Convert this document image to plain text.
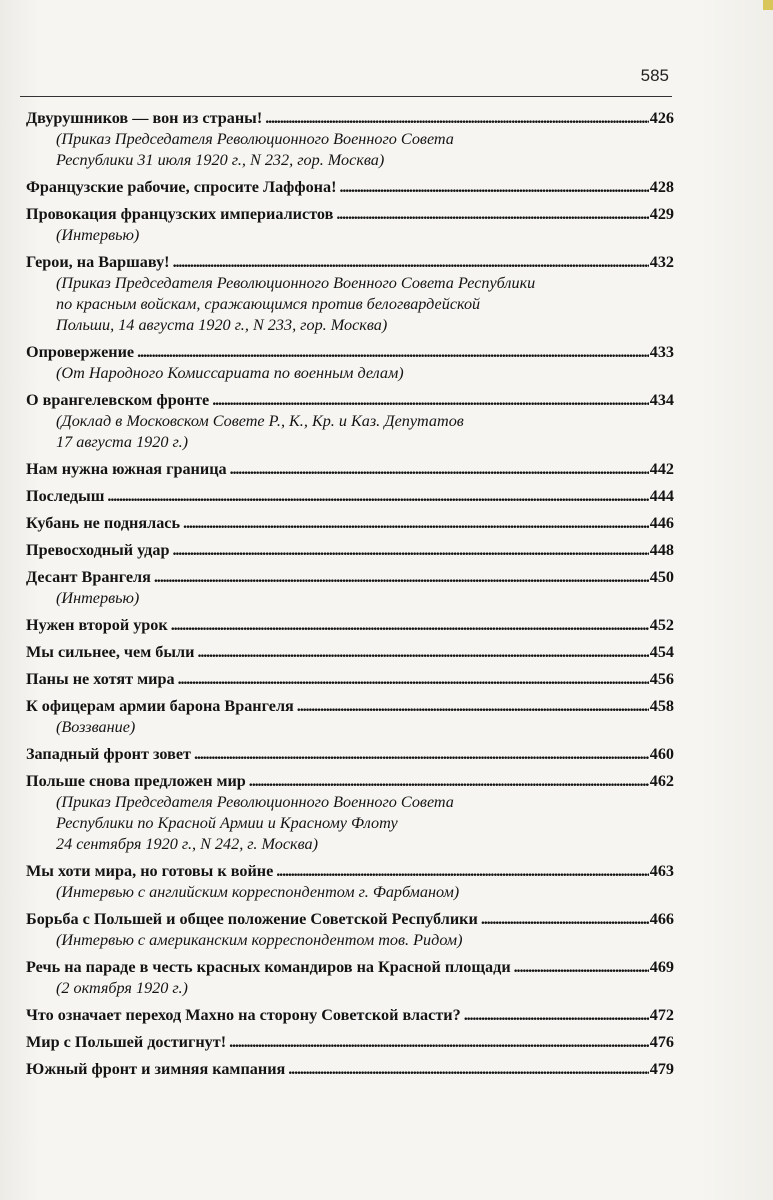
585
Двурушников — вон из страны! . . .	426
(Приказ Председателя Революционного Военного Совета
Республики 31 июля 1920 г., N 232, гор. Москва)
Французские рабочие, спросите Лаффона! . . .	428
Провокация французских империалистов . . .	429
(Интервью)
Герои, на Варшаву! . . .	432
(Приказ Председателя Революционного Военного Совета Республики
по красным войскам, сражающимся против белогвардейской
Польши, 14 августа 1920 г., N 233, гор. Москва)
Опровержение . . .	433
(От Народного Комиссариата по военным делам)
О врангелевском фронте . . .	434
(Доклад в Московском Совете Р., К., Кр. и Каз. Депутатов
17 августа 1920 г.)
Нам нужна южная граница . . .	442
Последыш . . .	444
Кубань не поднялась . . .	446
Превосходный удар . . .	448
Десант Врангеля . . .	450
(Интервью)
Нужен второй урок . . .	452
Мы сильнее, чем были . . .	454
Паны не хотят мира . . .	456
К офицерам армии барона Врангеля . . .	458
(Воззвание)
Западный фронт зовет . . .	460
Польше снова предложен мир . . .	462
(Приказ Председателя Революционного Военного Совета
Республики по Красной Армии и Красному Флоту
24 сентября 1920 г., N 242, г. Москва)
Мы хоти мира, но готовы к войне . . .	463
(Интервью с английским корреспондентом г. Фарбманом)
Борьба с Польшей и общее положение Советской Республики . . .	466
(Интервью с американским корреспондентом тов. Ридом)
Речь на параде в честь красных командиров на Красной площади . . .	469
(2 октября 1920 г.)
Что означает переход Махно на сторону Советской власти? . . .	472
Мир с Польшей достигнут! . . .	476
Южный фронт и зимняя кампания . . .	479
